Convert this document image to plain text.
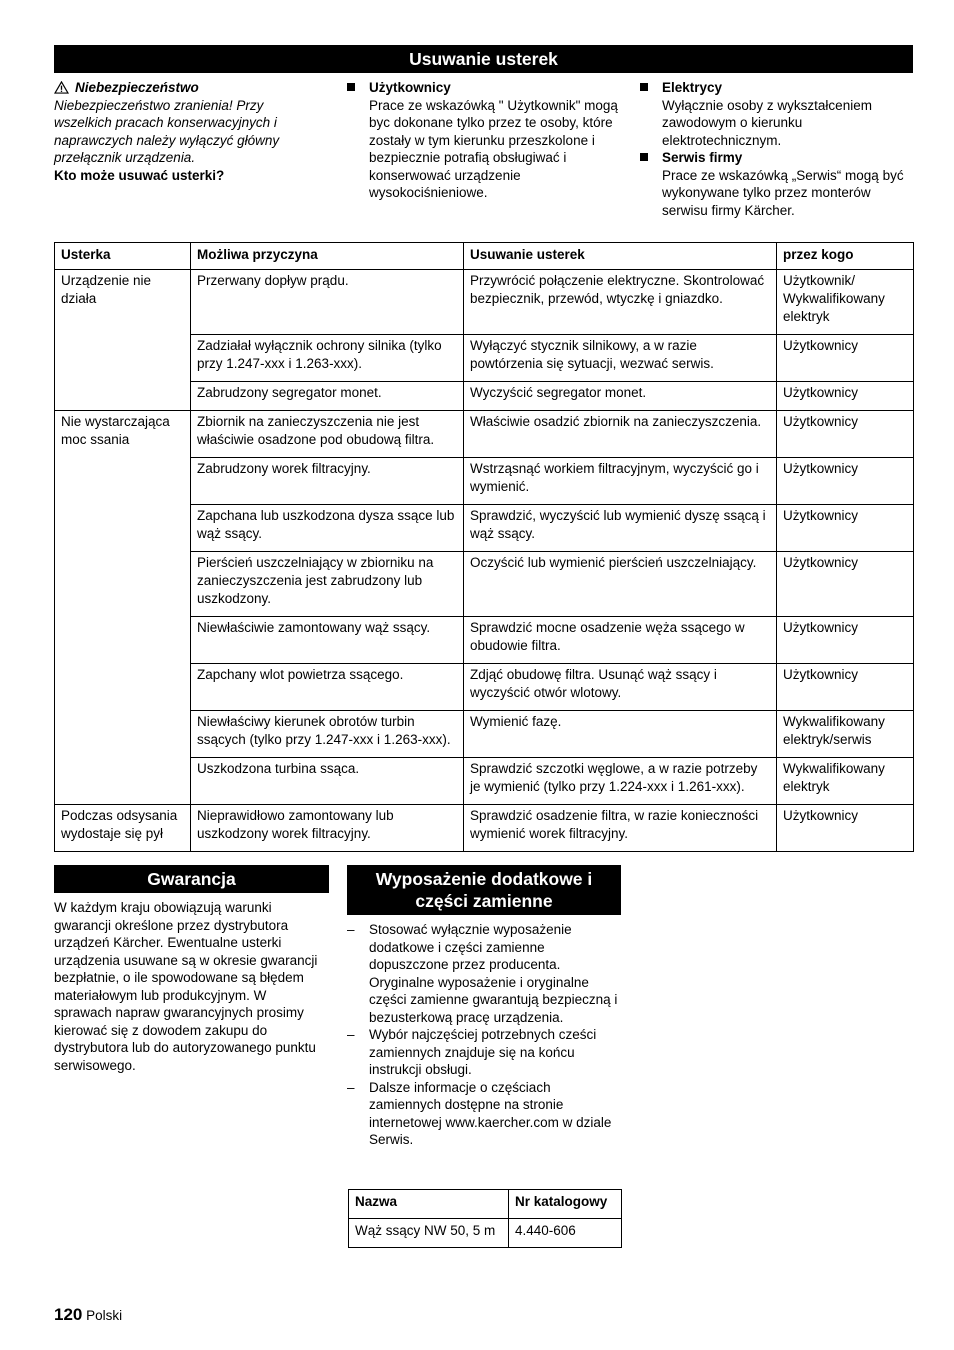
Usuwanie usterek
Niebezpieczeństwo
Niebezpieczeństwo zranienia! Przy wszelkich pracach konserwacyjnych i naprawczych należy wyłączyć główny przełącznik urządzenia.
Kto może usuwać usterki?
Użytkownicy
Prace ze wskazówką " Użytkownik" mogą byc dokonane tylko przez te osoby, które zostały w tym kierunku przeszkolone i bezpiecznie potrafią obsługiwać i konserwować urządzenie wysokociśnieniowe.
Elektrycy
Wyłącznie osoby z wykształceniem zawodowym o kierunku elektrotechnicznym.
Serwis firmy
Prace ze wskazówką „Serwis“ mogą być wykonywane tylko przez monterów serwisu firmy Kärcher.
Usterka	Możliwa przyczyna	Usuwanie usterek	przez kogo
Urządzenie nie działa	Przerwany dopływ prądu.	Przywrócić połączenie elektryczne. Skontrolować bezpiecznik, przewód, wtyczkę i gniazdko.	Użytkownik/ Wykwalifikowany elektryk
	Zadziałał wyłącznik ochrony silnika (tylko przy 1.247-xxx i 1.263-xxx).	Wyłączyć stycznik silnikowy, a w razie powtórzenia się sytuacji, wezwać serwis.	Użytkownicy
	Zabrudzony segregator monet.	Wyczyścić segregator monet.	Użytkownicy
Nie wystarczająca moc ssania	Zbiornik na zanieczyszczenia nie jest właściwie osadzone pod obudową filtra.	Właściwie osadzić zbiornik na zanieczyszczenia.	Użytkownicy
	Zabrudzony worek filtracyjny.	Wstrząsnąć workiem filtracyjnym, wyczyścić go i wymienić.	Użytkownicy
	Zapchana lub uszkodzona dysza ssące lub wąż ssący.	Sprawdzić, wyczyścić lub wymienić dyszę ssącą i wąż ssący.	Użytkownicy
	Pierścień uszczelniający w zbiorniku na zanieczyszczenia jest zabrudzony lub uszkodzony.	Oczyścić lub wymienić pierścień uszczelniający.	Użytkownicy
	Niewłaściwie zamontowany wąż ssący.	Sprawdzić mocne osadzenie węża ssącego w obudowie filtra.	Użytkownicy
	Zapchany wlot powietrza ssącego.	Zdjąć obudowę filtra. Usunąć wąż ssący i wyczyścić otwór wlotowy.	Użytkownicy
	Niewłaściwy kierunek obrotów turbin ssących (tylko przy 1.247-xxx i 1.263-xxx).	Wymienić fazę.	Wykwalifikowany elektryk/serwis
	Uszkodzona turbina ssąca.	Sprawdzić szczotki węglowe, a w razie potrzeby je wymienić (tylko przy 1.224-xxx i 1.261-xxx).	Wykwalifikowany elektryk
Podczas odsysania wydostaje się pył	Nieprawidłowo zamontowany lub uszkodzony worek filtracyjny.	Sprawdzić osadzenie filtra, w razie konieczności wymienić worek filtracyjny.	Użytkownicy
Gwarancja
W każdym kraju obowiązują warunki gwarancji określone przez dystrybutora urządzeń Kärcher. Ewentualne usterki urządzenia usuwane są w okresie gwarancji bezpłatnie, o ile spowodowane są błędem materiałowym lub produkcyjnym. W sprawach napraw gwarancyjnych prosimy kierować się z dowodem zakupu do dystrybutora lub do autoryzowanego punktu serwisowego.
Wyposażenie dodatkowe i
części zamienne
– Stosować wyłącznie wyposażenie dodatkowe i części zamienne dopuszczone przez producenta. Oryginalne wyposażenie i oryginalne części zamienne gwarantują bezpieczną i bezusterkową pracę urządzenia.
– Wybór najczęściej potrzebnych cześci zamiennych znajduje się na końcu instrukcji obsługi.
– Dalsze informacje o częściach zamiennych dostępne na stronie internetowej www.kaercher.com w dziale Serwis.
Nazwa	Nr katalogowy
Wąż ssący NW 50, 5 m	4.440-606
120 Polski
